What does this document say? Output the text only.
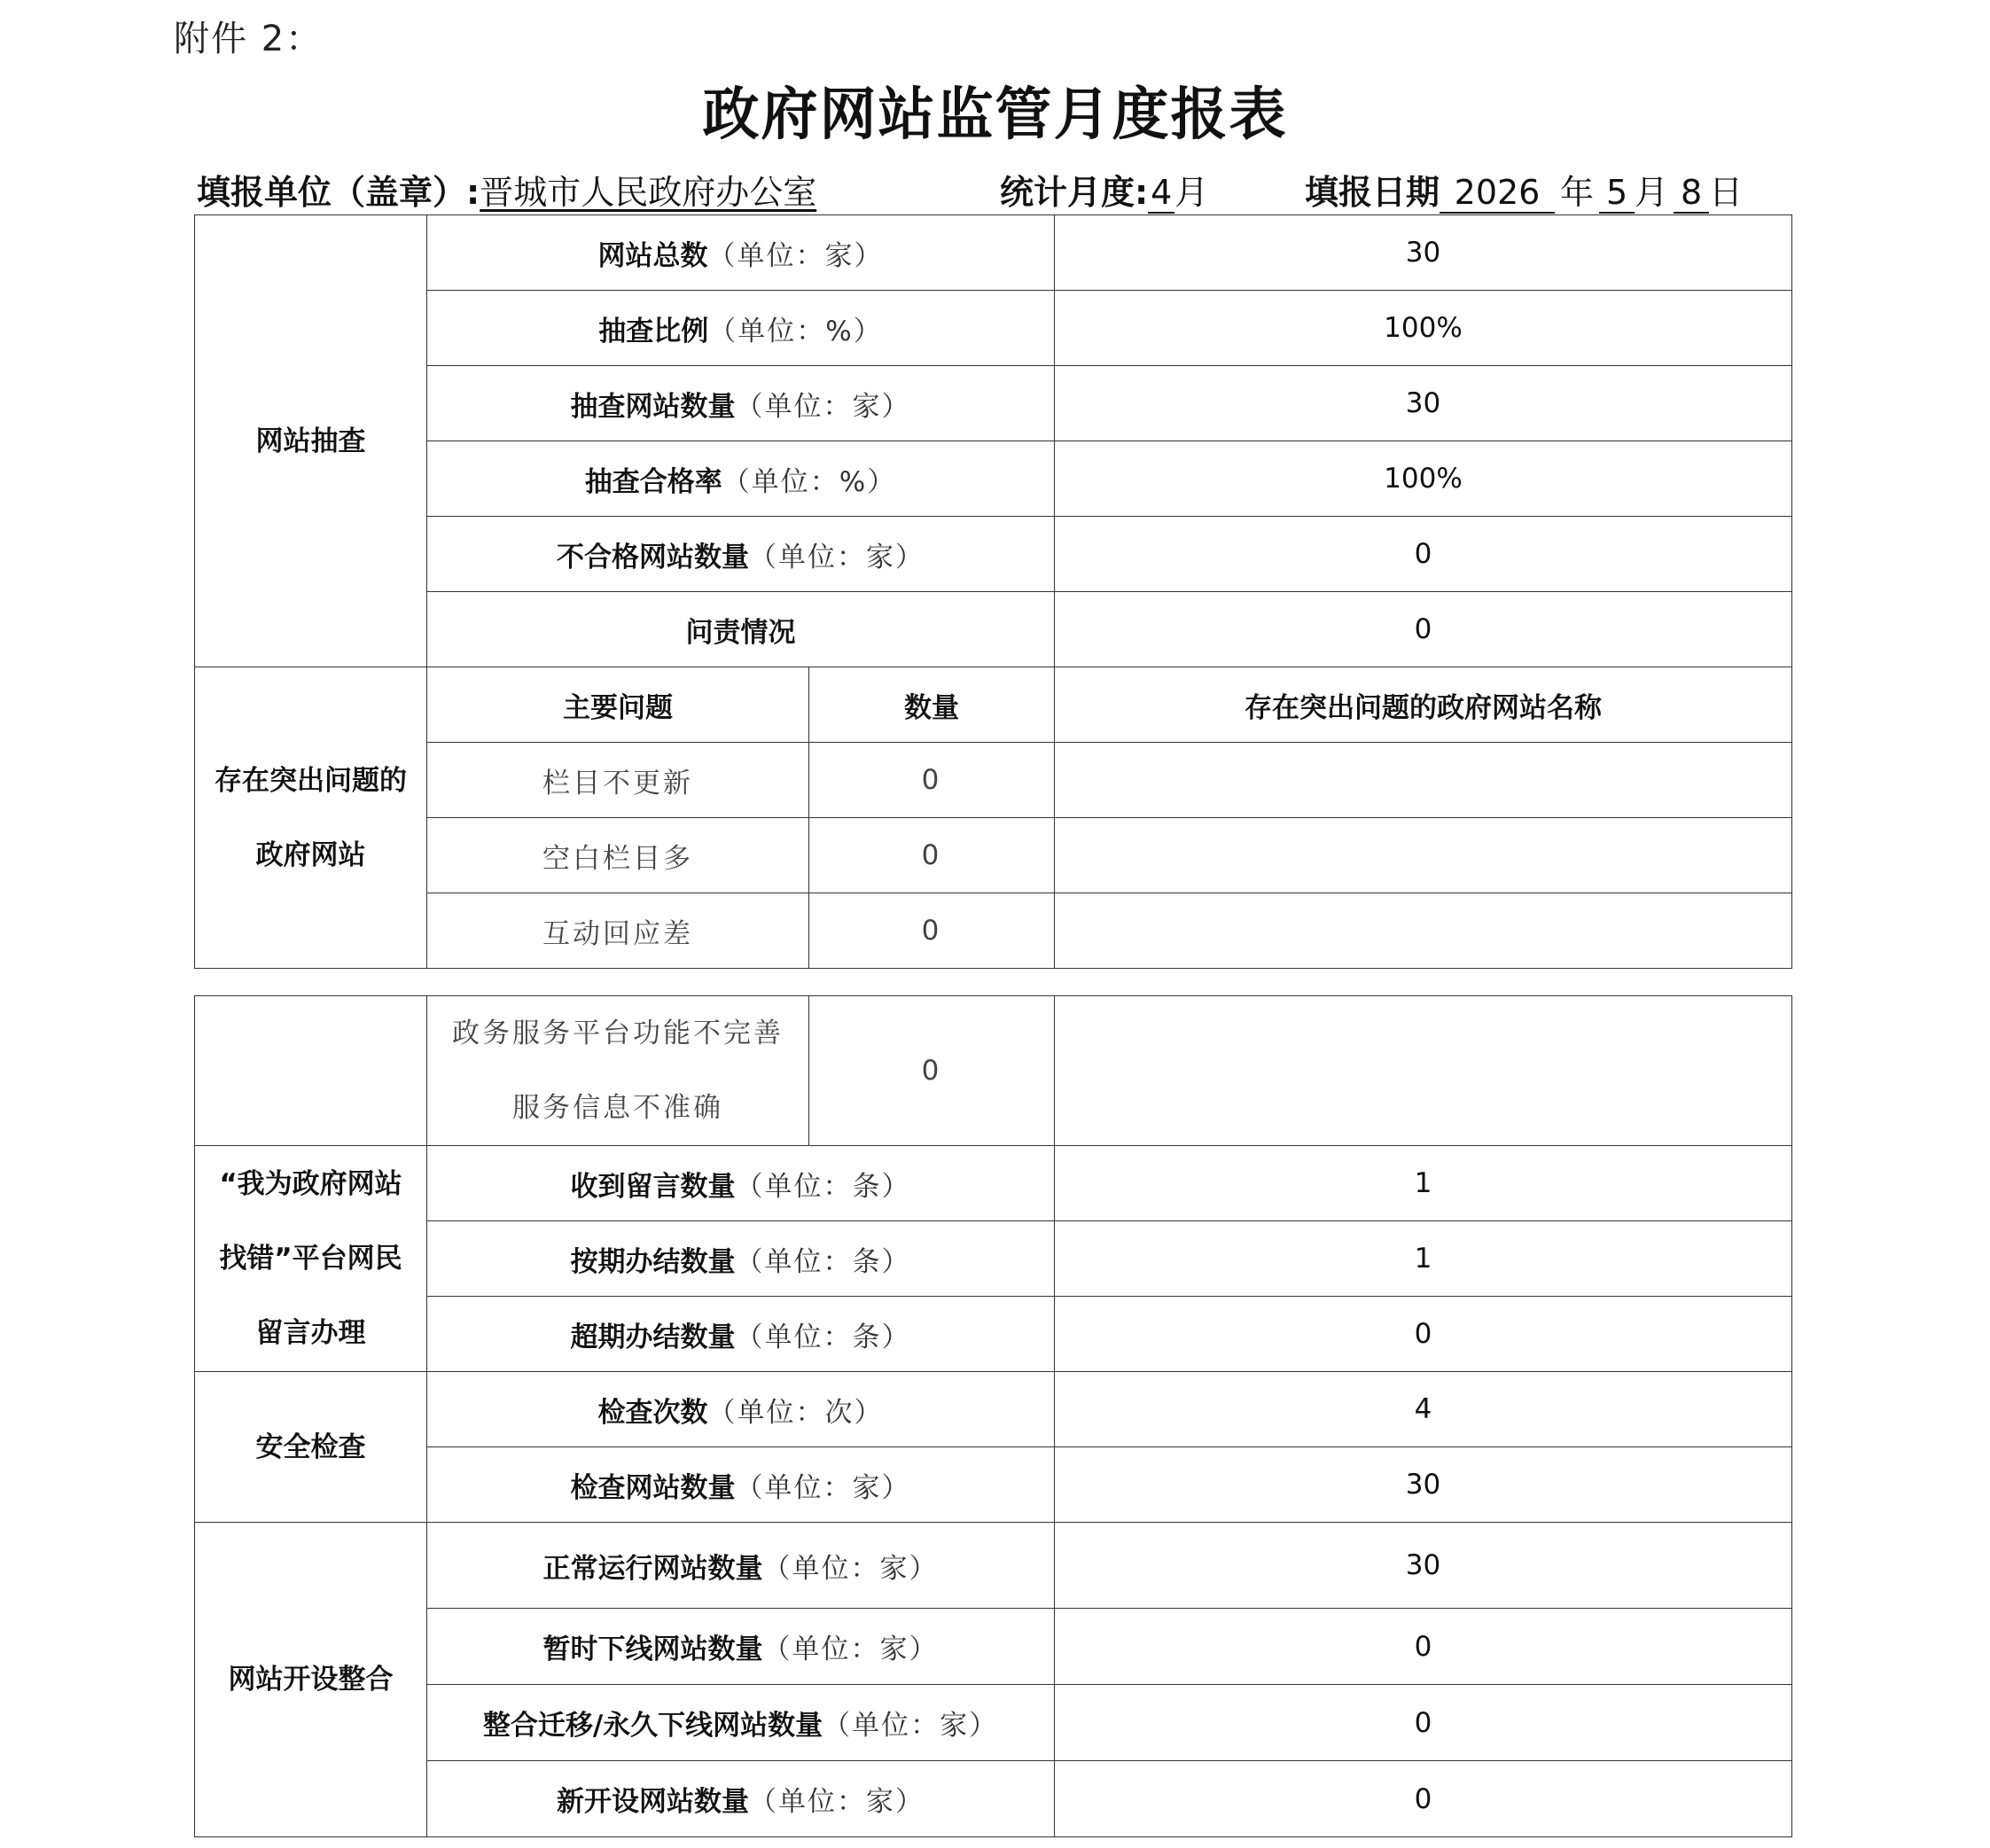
附件 2：
政府网站监管月度报表
填报单位（盖章）:晋城市人民政府办公室	统计月度:4月	填报日期 2026 年 5 月 8 日
网站抽查	网站总数（单位：家）		30
	抽查比例（单位：%）		100%
	抽查网站数量（单位：家）		30
	抽查合格率（单位：%）		100%
	不合格网站数量（单位：家）		0
	问责情况		0

存在突出问题的
政府网站	主要问题	数量	存在突出问题的政府网站名称
	栏目不更新	0	
	空白栏目多	0	
	互动回应差	0	

	政务服务平台功能不完善
服务信息不准确	0	

“我为政府网站
找错”平台网民
留言办理	收到留言数量（单位：条）		1
	按期办结数量（单位：条）		1
	超期办结数量（单位：条）		0
安全检查	检查次数（单位：次）		4
	检查网站数量（单位：家）		30
网站开设整合	正常运行网站数量（单位：家）		30
	暂时下线网站数量（单位：家）		0
	整合迁移/永久下线网站数量（单位：家）		0
	新开设网站数量（单位：家）		0
